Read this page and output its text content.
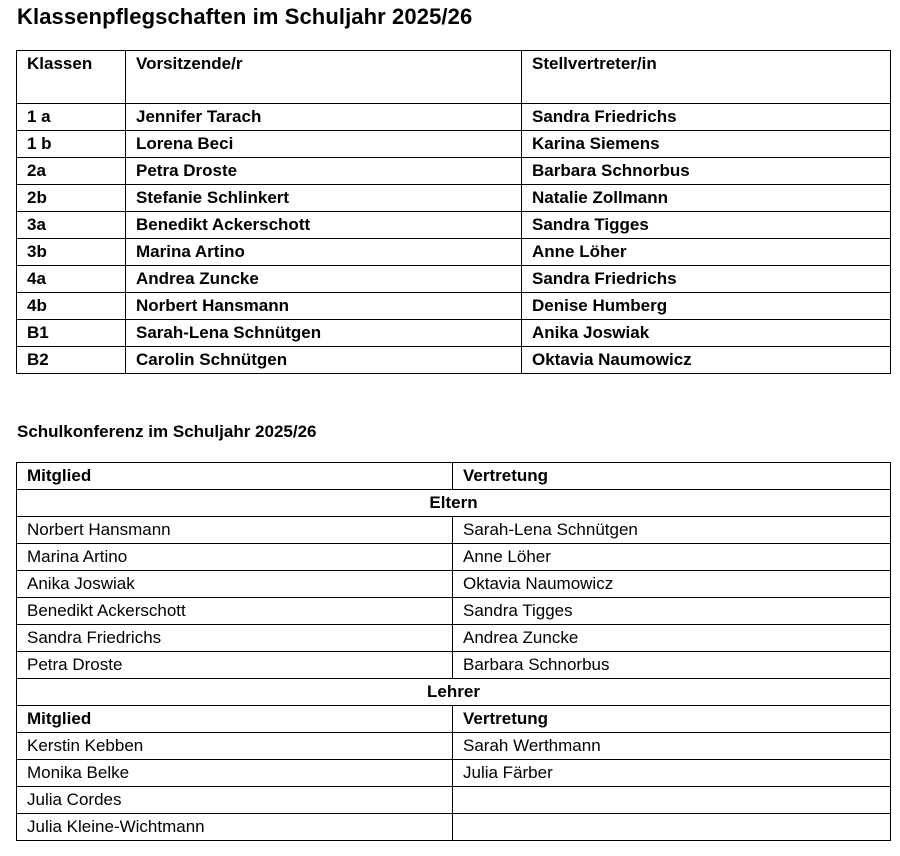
Klassenpflegschaften im Schuljahr 2025/26
Klassen	Vorsitzende/r	Stellvertreter/in
1 a	Jennifer Tarach	Sandra Friedrichs
1 b	Lorena Beci	Karina Siemens
2a	Petra Droste	Barbara Schnorbus
2b	Stefanie Schlinkert	Natalie Zollmann
3a	Benedikt Ackerschott	Sandra Tigges
3b	Marina Artino	Anne Löher
4a	Andrea Zuncke	Sandra Friedrichs
4b	Norbert Hansmann	Denise Humberg
B1	Sarah-Lena Schnütgen	Anika Joswiak
B2	Carolin Schnütgen	Oktavia Naumowicz
Schulkonferenz im Schuljahr 2025/26
Mitglied	Vertretung
Eltern	
Norbert Hansmann	Sarah-Lena Schnütgen
Marina Artino	Anne Löher
Anika Joswiak	Oktavia Naumowicz
Benedikt Ackerschott	Sandra Tigges
Sandra Friedrichs	Andrea Zuncke
Petra Droste	Barbara Schnorbus
Lehrer	
Mitglied	Vertretung
Kerstin Kebben	Sarah Werthmann
Monika Belke	Julia Färber
Julia Cordes	
Julia Kleine-Wichtmann	
